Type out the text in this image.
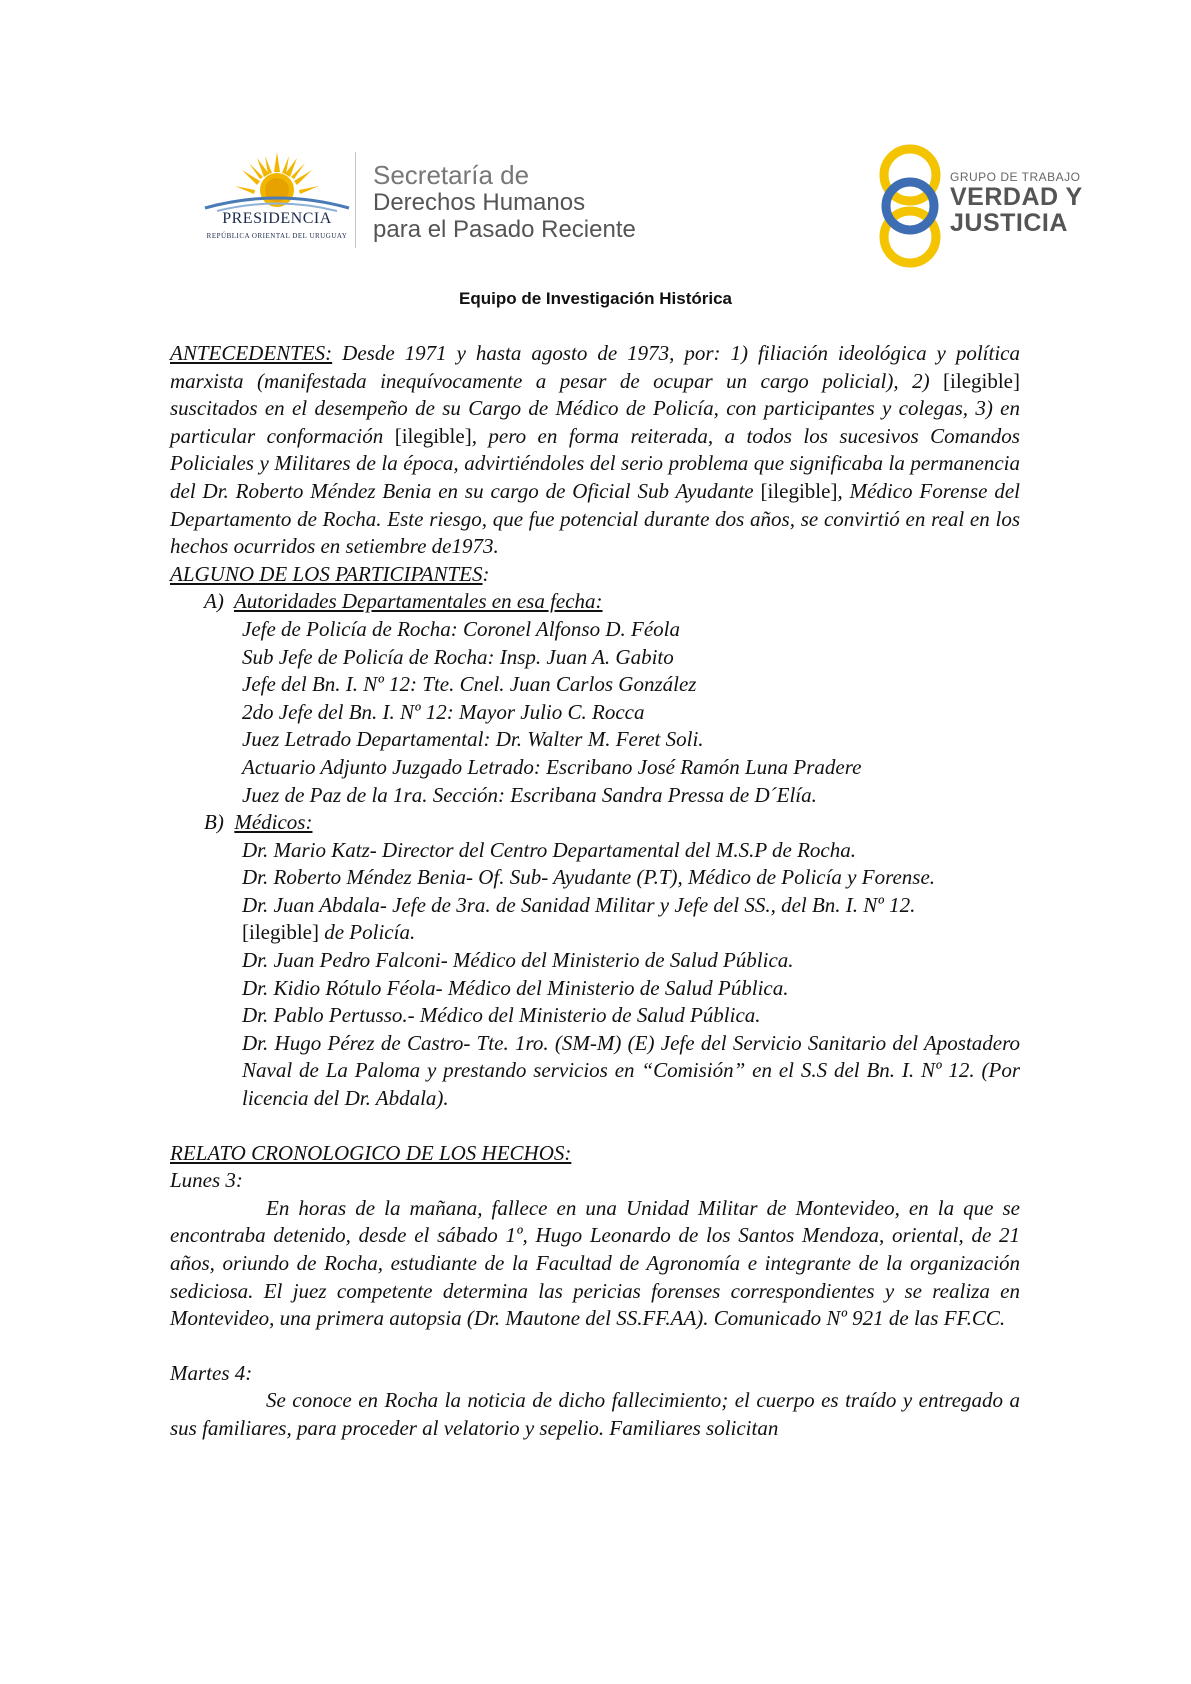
PRESIDENCIA
REPÚBLICA ORIENTAL DEL URUGUAY
Secretaría de
Derechos Humanos
para el Pasado Reciente
GRUPO DE TRABAJO
VERDAD Y
JUSTICIA
Equipo de Investigación Histórica

ANTECEDENTES: Desde 1971 y hasta agosto de 1973, por: 1) filiación ideológica y política marxista (manifestada inequívocamente a pesar de ocupar un cargo policial), 2) [ilegible] suscitados en el desempeño de su Cargo de Médico de Policía, con participantes y colegas, 3) en particular conformación [ilegible], pero en forma reiterada, a todos los sucesivos Comandos Policiales y Militares de la época, advirtiéndoles del serio problema que significaba la permanencia del Dr. Roberto Méndez Benia en su cargo de Oficial Sub Ayudante [ilegible], Médico Forense del Departamento de Rocha. Este riesgo, que fue potencial durante dos años, se convirtió en real en los hechos ocurridos en setiembre de1973.

ALGUNO DE LOS PARTICIPANTES:

A) Autoridades Departamentales en esa fecha:

Jefe de Policía de Rocha: Coronel Alfonso D. Féola

Sub Jefe de Policía de Rocha: Insp. Juan A. Gabito

Jefe del Bn. I. Nº 12: Tte. Cnel. Juan Carlos González

2do Jefe del Bn. I. Nº 12: Mayor Julio C. Rocca

Juez Letrado Departamental: Dr. Walter M. Feret Soli.

Actuario Adjunto Juzgado Letrado: Escribano José Ramón Luna Pradere

Juez de Paz de la 1ra. Sección: Escribana Sandra Pressa de D´Elía.

B) Médicos:

Dr. Mario Katz- Director del Centro Departamental del M.S.P de Rocha.

Dr. Roberto Méndez Benia- Of. Sub- Ayudante (P.T), Médico de Policía y Forense.

Dr. Juan Abdala- Jefe de 3ra. de Sanidad Militar y Jefe del SS., del Bn. I. Nº 12.

[ilegible] de Policía.

Dr. Juan Pedro Falconi- Médico del Ministerio de Salud Pública.

Dr. Kidio Rótulo Féola- Médico del Ministerio de Salud Pública.

Dr. Pablo Pertusso.- Médico del Ministerio de Salud Pública.

Dr. Hugo Pérez de Castro- Tte. 1ro. (SM-M) (E) Jefe del Servicio Sanitario del Apostadero Naval de La Paloma y prestando servicios en “Comisión” en el S.S del Bn. I. Nº 12. (Por licencia del Dr. Abdala).

RELATO CRONOLOGICO DE LOS HECHOS:

Lunes 3:

En horas de la mañana, fallece en una Unidad Militar de Montevideo, en la que se encontraba detenido, desde el sábado 1º, Hugo Leonardo de los Santos Mendoza, oriental, de 21 años, oriundo de Rocha, estudiante de la Facultad de Agronomía e integrante de la organización sediciosa. El juez competente determina las pericias forenses correspondientes y se realiza en Montevideo, una primera autopsia (Dr. Mautone del SS.FF.AA). Comunicado Nº 921 de las FF.CC.

Martes 4:

Se conoce en Rocha la noticia de dicho fallecimiento; el cuerpo es traído y entregado a sus familiares, para proceder al velatorio y sepelio. Familiares solicitan
